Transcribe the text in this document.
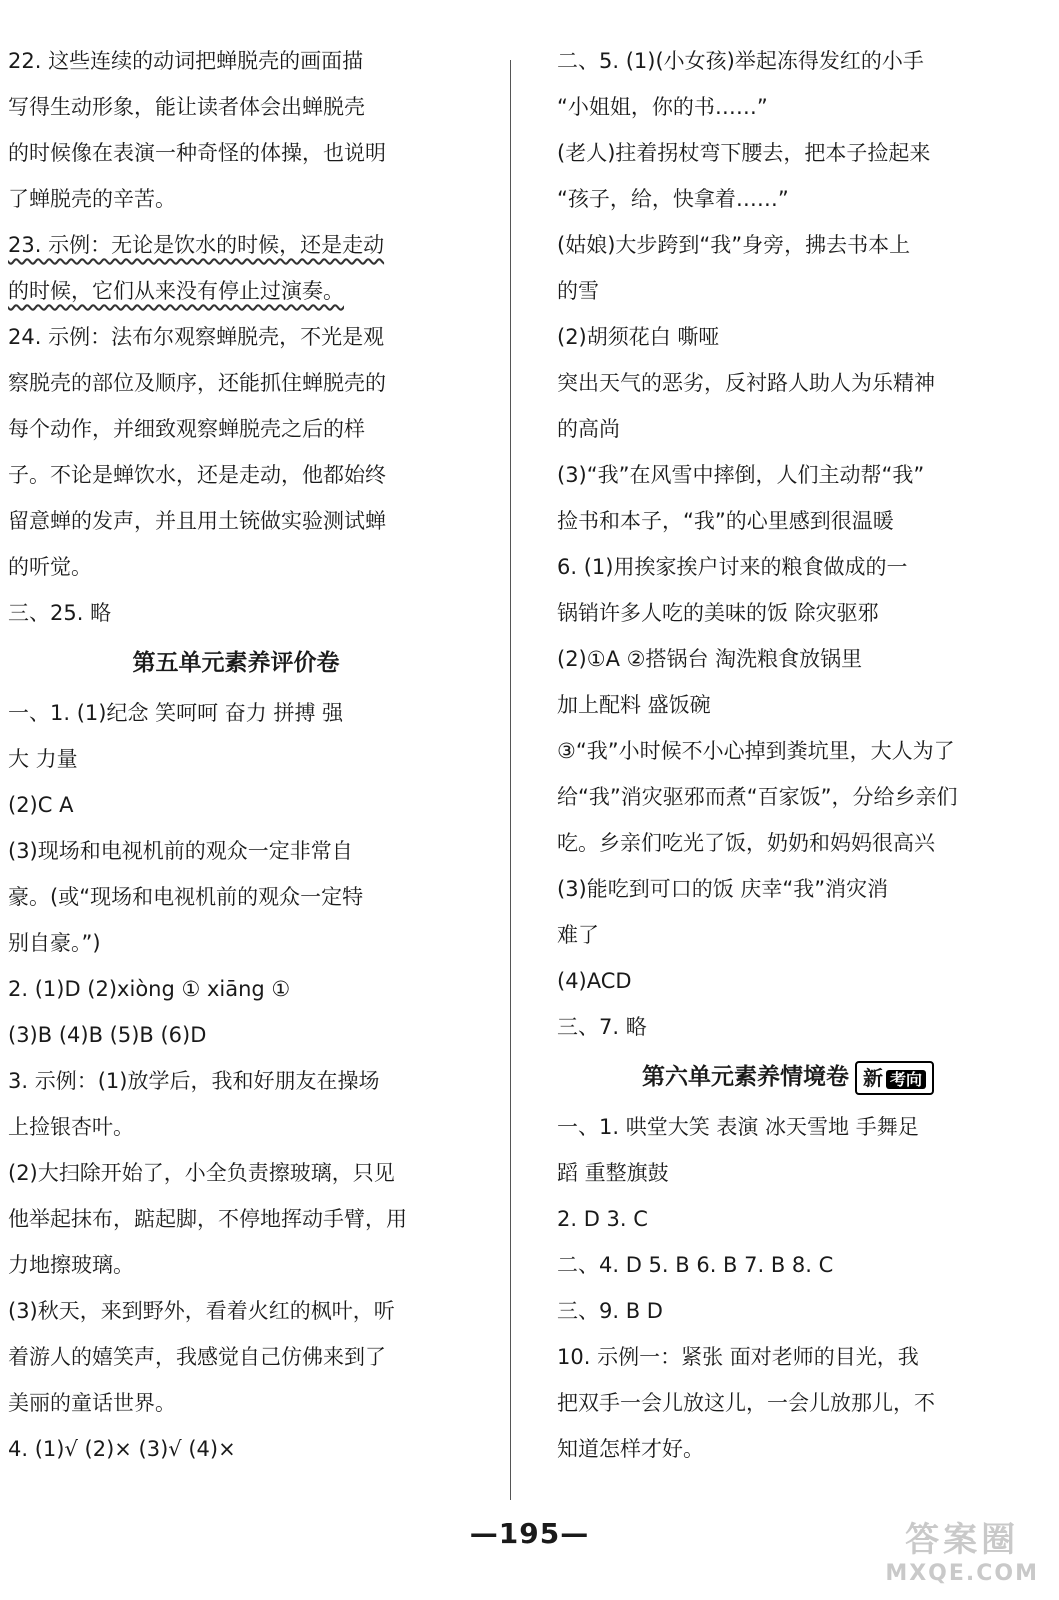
22. 这些连续的动词把蝉脱壳的画面描
写得生动形象，能让读者体会出蝉脱壳
的时候像在表演一种奇怪的体操，也说明
了蝉脱壳的辛苦。
23. 示例：无论是饮水的时候，还是走动
的时候，它们从来没有停止过演奏。
24. 示例：法布尔观察蝉脱壳，不光是观
察脱壳的部位及顺序，还能抓住蝉脱壳的
每个动作，并细致观察蝉脱壳之后的样
子。不论是蝉饮水，还是走动，他都始终
留意蝉的发声，并且用土铳做实验测试蝉
的听觉。
三、25. 略
第五单元素养评价卷
一、1. (1)纪念 笑呵呵 奋力 拼搏 强
大 力量
(2)C A
(3)现场和电视机前的观众一定非常自
豪。(或“现场和电视机前的观众一定特
别自豪。”)
2. (1)D (2)xiòng ① xiāng ①
(3)B (4)B (5)B (6)D
3. 示例：(1)放学后，我和好朋友在操场
上捡银杏叶。
(2)大扫除开始了，小全负责擦玻璃，只见
他举起抹布，踮起脚，不停地挥动手臂，用
力地擦玻璃。
(3)秋天，来到野外，看着火红的枫叶，听
着游人的嬉笑声，我感觉自己仿佛来到了
美丽的童话世界。
4. (1)√ (2)× (3)√ (4)×
二、5. (1)(小女孩)举起冻得发红的小手
“小姐姐，你的书……”
(老人)拄着拐杖弯下腰去，把本子捡起来
“孩子，给，快拿着……”
(姑娘)大步跨到“我”身旁，拂去书本上
的雪
(2)胡须花白 嘶哑
突出天气的恶劣，反衬路人助人为乐精神
的高尚
(3)“我”在风雪中摔倒，人们主动帮“我”
捡书和本子，“我”的心里感到很温暖
6. (1)用挨家挨户讨来的粮食做成的一
锅销许多人吃的美味的饭 除灾驱邪
(2)①A ②搭锅台 淘洗粮食放锅里
加上配料 盛饭碗
③“我”小时候不小心掉到粪坑里，大人为了
给“我”消灾驱邪而煮“百家饭”，分给乡亲们
吃。乡亲们吃光了饭，奶奶和妈妈很高兴
(3)能吃到可口的饭 庆幸“我”消灾消
难了
(4)ACD
三、7. 略
第六单元素养情境卷 新 考向
一、1. 哄堂大笑 表演 冰天雪地 手舞足
蹈 重整旗鼓
2. D 3. C
二、4. D 5. B 6. B 7. B 8. C
三、9. B D
10. 示例一：紧张 面对老师的目光，我
把双手一会儿放这儿，一会儿放那儿，不
知道怎样才好。
—195—	答案圈
MXQE.COM
